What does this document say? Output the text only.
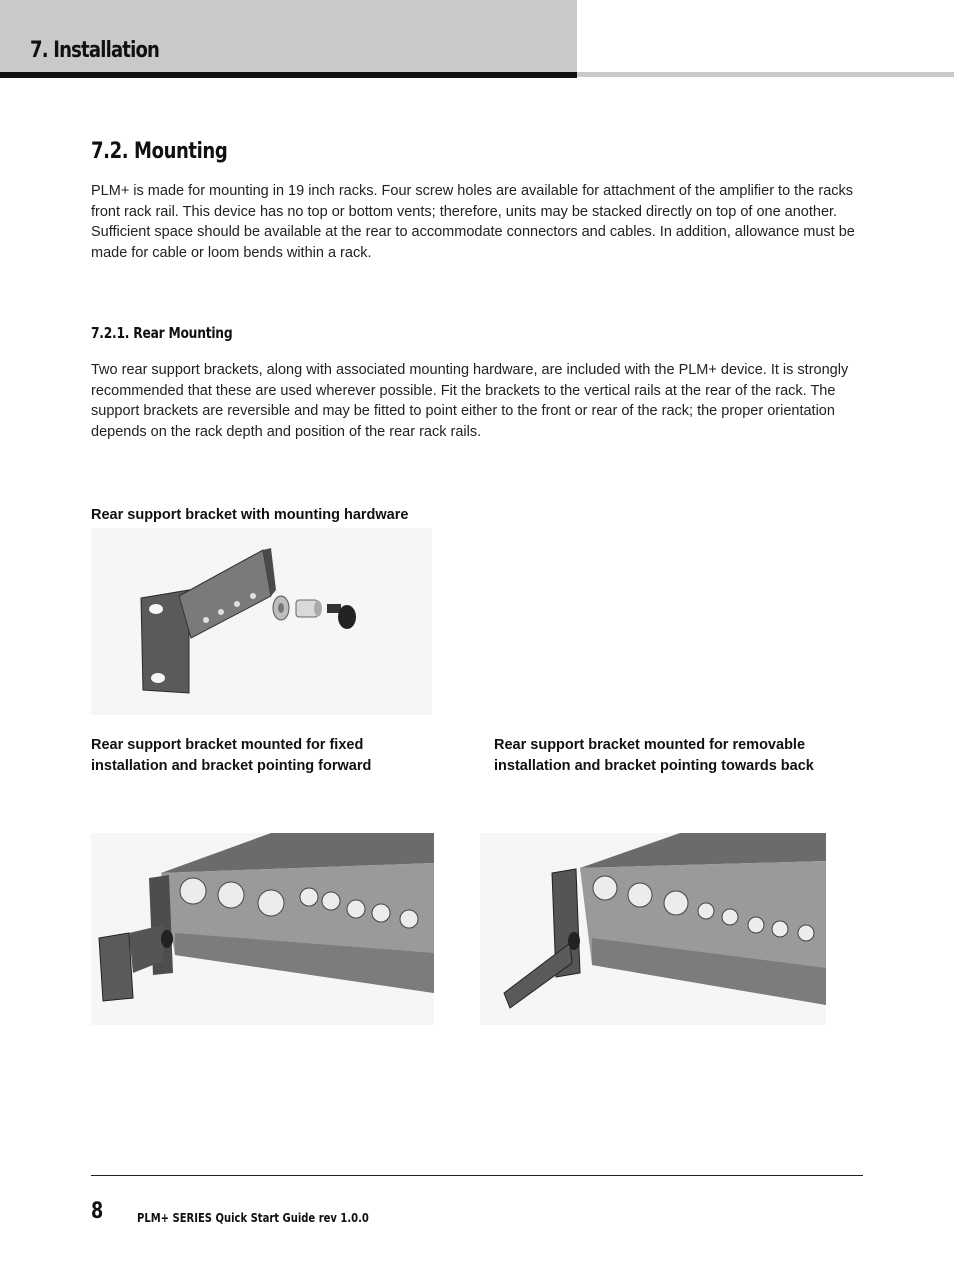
7. Installation
7.2. Mounting

PLM+ is made for mounting in 19 inch racks. Four screw holes are available for attachment of the amplifier to the racks front rack rail. This device has no top or bottom vents; therefore, units may be stacked directly on top of one another. Sufficient space should be available at the rear to accommodate connectors and cables. In addition, allowance must be made for cable or loom bends within a rack.

7.2.1. Rear Mounting

Two rear support brackets, along with associated mounting hardware, are included with the PLM+ device. It is strongly recommended that these are used wherever possible. Fit the brackets to the vertical rails at the rear of the rack. The support brackets are reversible and may be fitted to point either to the front or rear of the rack; the proper orientation depends on the rack depth and position of the rear rack rails.

Rear support bracket with mounting hardware

Rear support bracket mounted for fixed installation and bracket pointing forward

Rear support bracket mounted for removable installation and bracket pointing towards back

8	PLM+ SERIES Quick Start Guide rev 1.0.0
